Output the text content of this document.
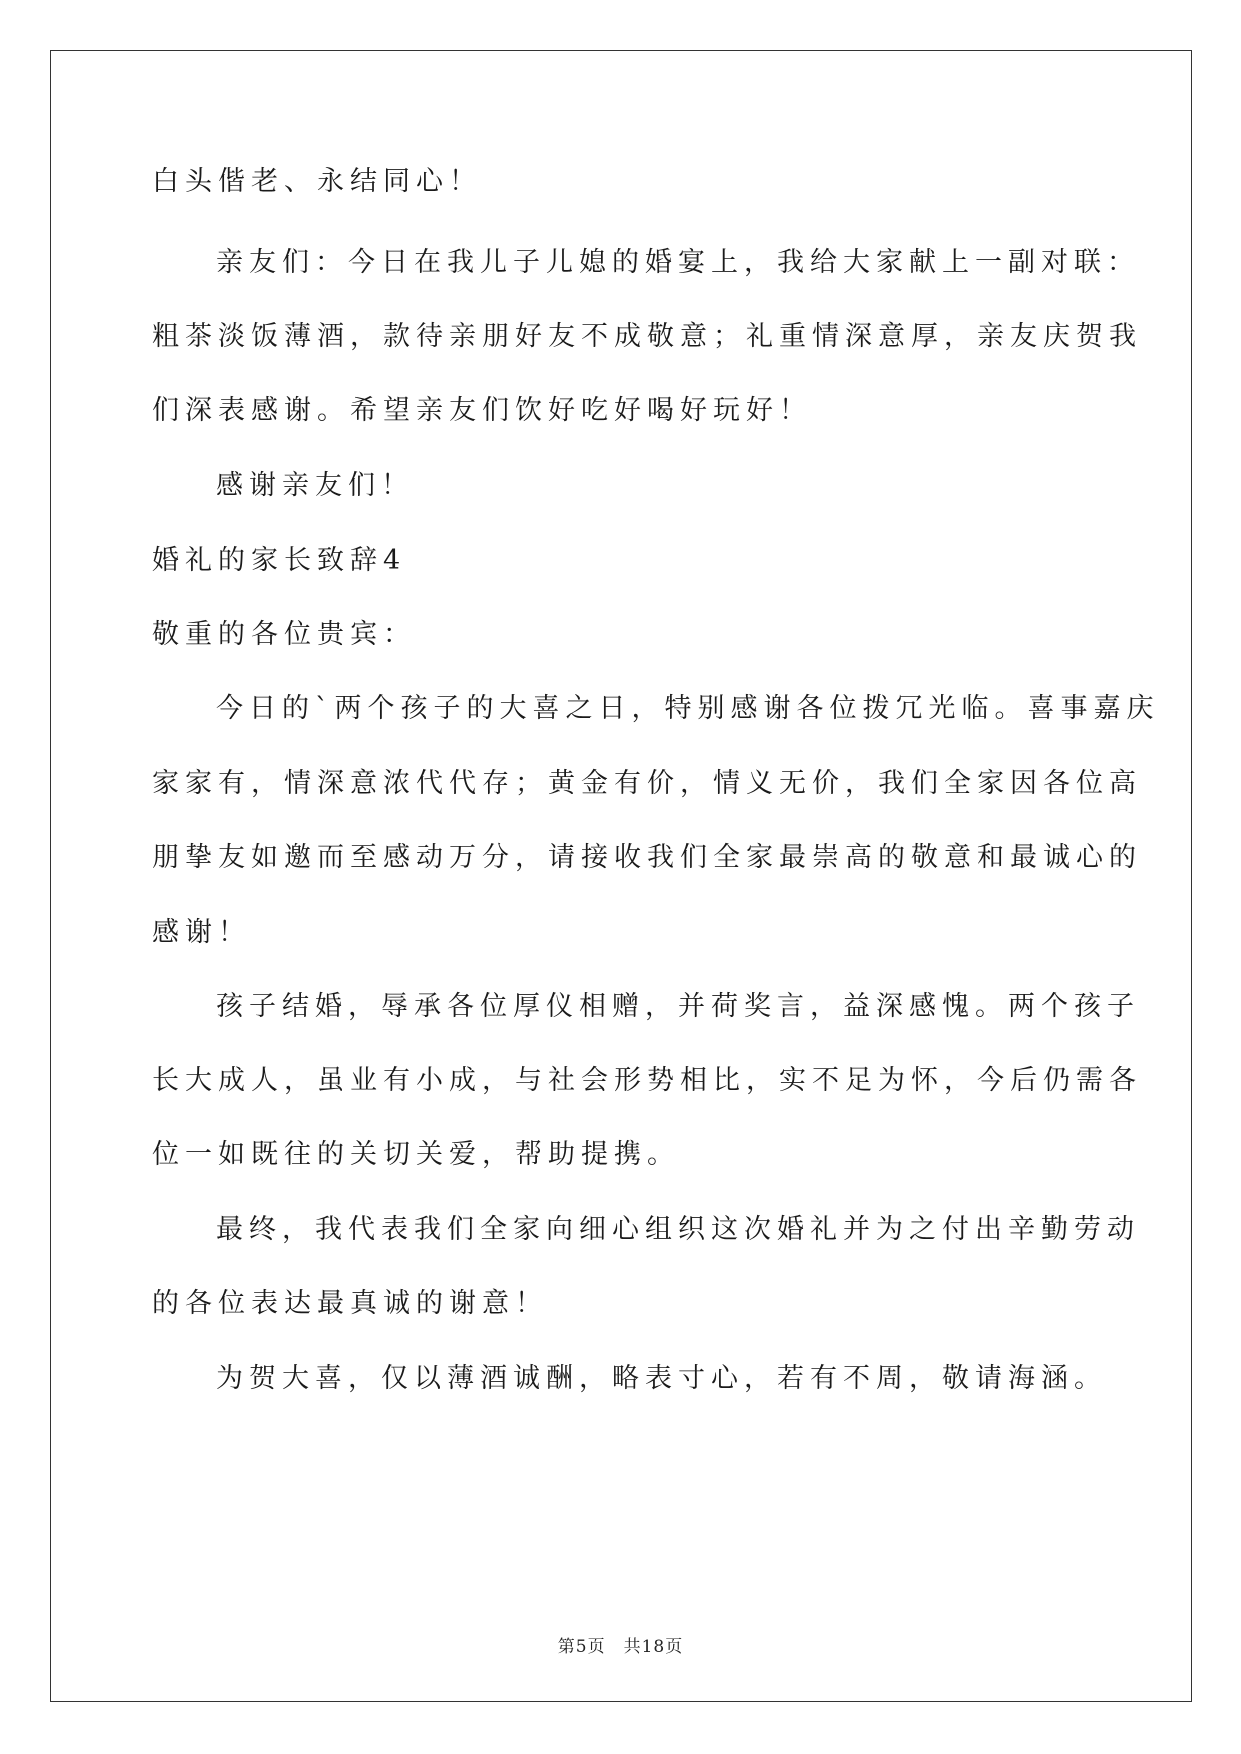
白头偕老、永结同心！
亲友们：今日在我儿子儿媳的婚宴上，我给大家献上一副对联：
粗茶淡饭薄酒，款待亲朋好友不成敬意；礼重情深意厚，亲友庆贺我
们深表感谢。希望亲友们饮好吃好喝好玩好！
感谢亲友们！
婚礼的家长致辞4
敬重的各位贵宾：
今日的`两个孩子的大喜之日，特别感谢各位拨冗光临。喜事嘉庆
家家有，情深意浓代代存；黄金有价，情义无价，我们全家因各位高
朋挚友如邀而至感动万分，请接收我们全家最崇高的敬意和最诚心的
感谢！
孩子结婚，辱承各位厚仪相赠，并荷奖言，益深感愧。两个孩子
长大成人，虽业有小成，与社会形势相比，实不足为怀，今后仍需各
位一如既往的关切关爱，帮助提携。
最终，我代表我们全家向细心组织这次婚礼并为之付出辛勤劳动
的各位表达最真诚的谢意！
为贺大喜，仅以薄酒诚酬，略表寸心，若有不周，敬请海涵。
第5页　共18页
